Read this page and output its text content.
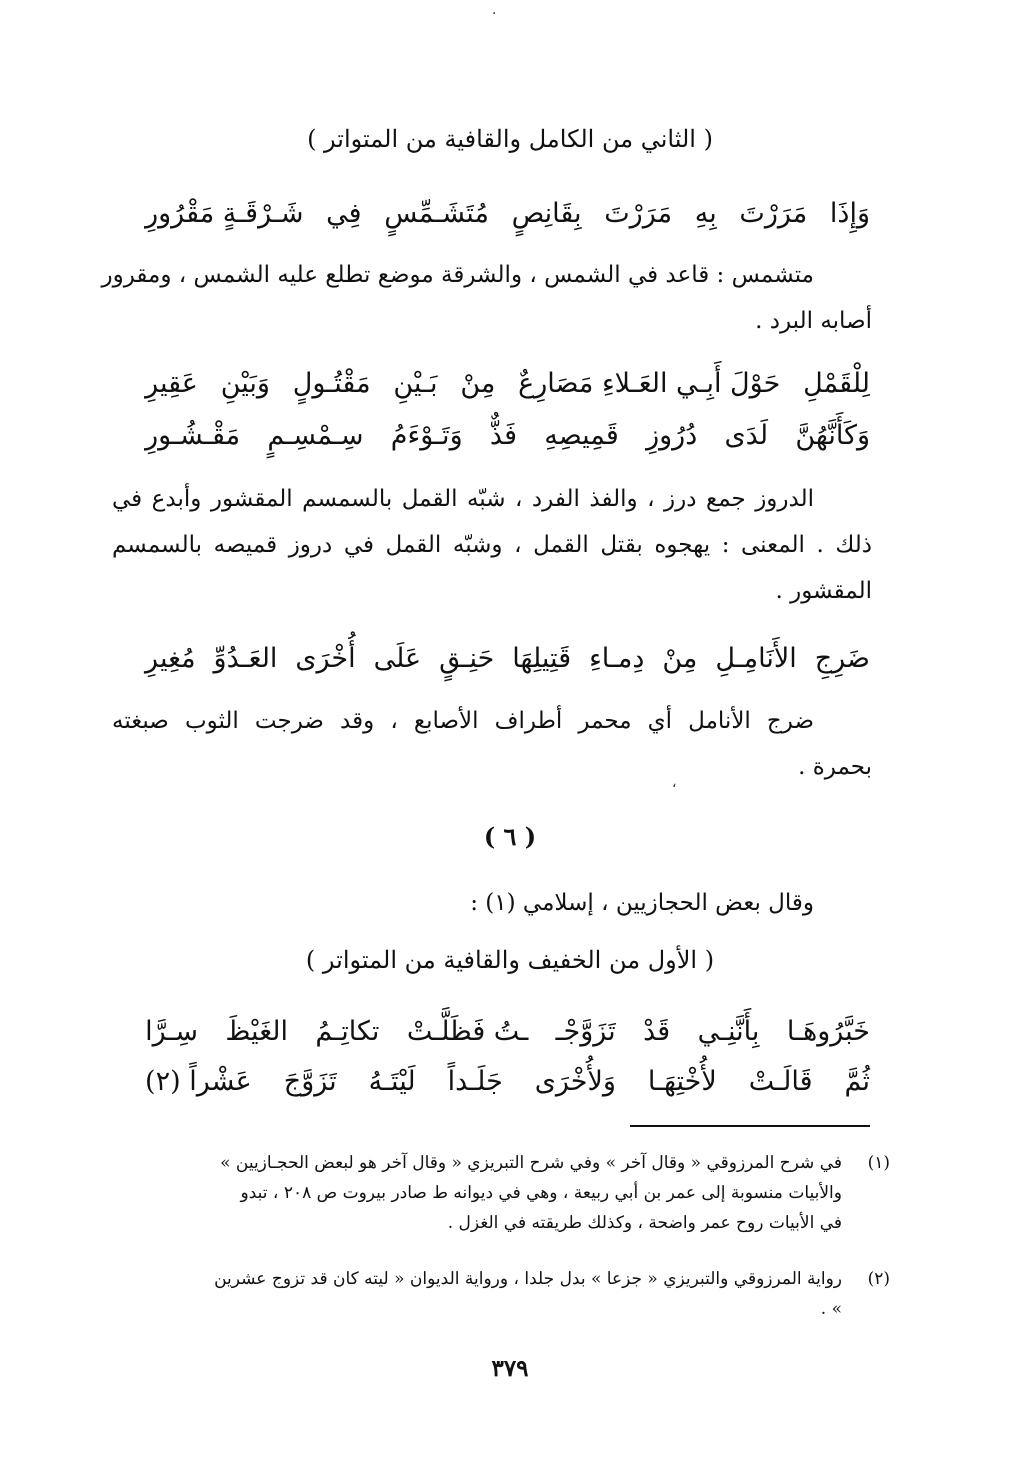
·
( الثاني من الكامل والقافية من المتواتر )
وَإِذَا
مَرَرْتَ
بِهِ
مَرَرْتَ
بِقَانِصٍ
مُتَشَـمِّسٍ
فِي
شَـرْقَـةٍ مَقْرُورِ
متشمس : قاعد في الشمس ، والشرقة موضع تطلع عليه الشمس ، ومقرور
أصابه البرد .
لِلْقَمْلِ
حَوْلَ أَبِـي العَـلاءِ مَصَارِعٌ
مِنْ
بَـيْنِ
مَقْتُـولٍ
وَبَيْنِ
عَقِيرِ
وَكَأَنَّهُنَّ
لَدَى
دُرُوزِ
قَمِيصِهِ
فَذٌّ
وَتَـوْءَمُ
سِـمْسِـمٍ
مَقْـشُـورِ
الدروز جمع درز ، والفذ الفرد ، شبّه القمل بالسمسم المقشور وأبدع في
ذلك . المعنى : يهجوه بقتل القمل ، وشبّه القمل في دروز قميصه بالسمسم
المقشور .
ضَرِجِ
الأَنَامِـلِ
مِنْ
دِمـاءِ
قَتِيلِهَا
حَنِـقٍ
عَلَى
أُخْرَى
العَـدُوِّ
مُغِيرِ
ضرج الأنامل أي محمر أطراف الأصابع ، وقد ضرجت الثوب صبغته
بحمرة .
،
( ٦ )
وقال بعض الحجازيين ، إسلامي (١) :
( الأول من الخفيف والقافية من المتواتر )
خَبَّرُوهَـا
بِأَنَّنِـي
قَدْ
تَزَوَّجْـ
ـتُ فَظَلَّـتْ
تكاتِـمُ
الغَيْظَ
سِـرَّا
ثُمَّ
قَالَـتْ
لأُخْتِهَـا
وَلأُخْرَى
جَلَـداً
لَيْتَـهُ
تَزَوَّجَ
عَشْراً (٢)
(١)
في شرح المرزوقي « وقال آخر » وفي شرح التبريزي « وقال آخر هو لبعض الحجـازيين »
والأبيات منسوبة إلى عمر بن أبي ربيعة ، وهي في ديوانه ط صادر بيروت ص ٢٠٨ ، تبدو
في الأبيات روح عمر واضحة ، وكذلك طريقته في الغزل .
(٢)
رواية المرزوقي والتبريزي « جزعا » بدل جلدا ، ورواية الديوان « ليته كان قد تزوج عشرين
» .
٣٧٩
